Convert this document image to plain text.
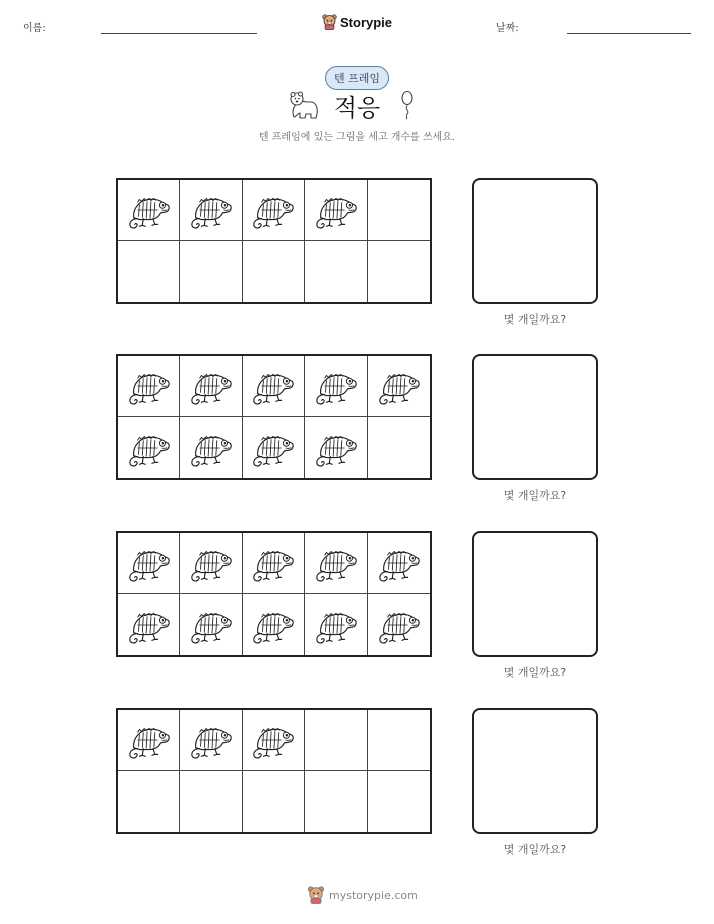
이름:	Storypie	날짜:
텐 프레임
적응
텐 프레임에 있는 그림을 세고 개수를 쓰세요.
몇 개일까요?
몇 개일까요?
몇 개일까요?
몇 개일까요?
mystorypie.com
